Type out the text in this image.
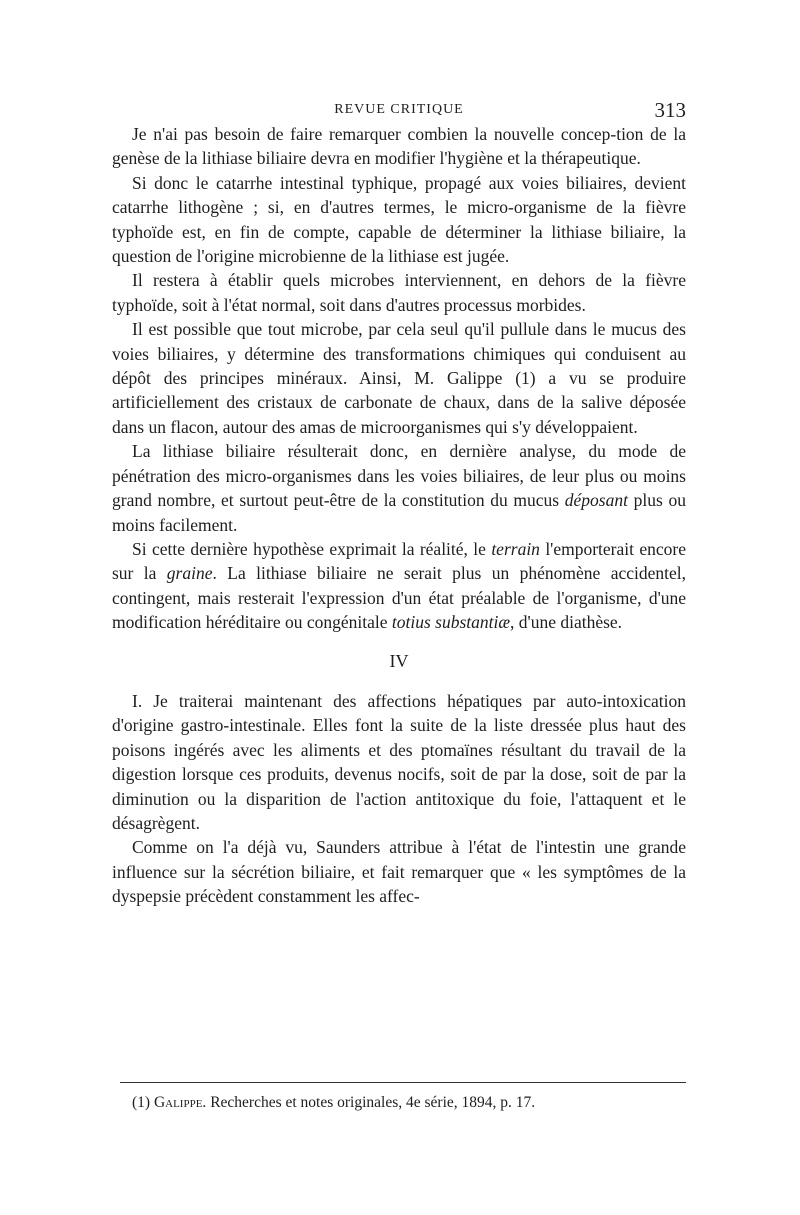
REVUE CRITIQUE	313

Je n'ai pas besoin de faire remarquer combien la nouvelle concep-tion de la genèse de la lithiase biliaire devra en modifier l'hygiène et la thérapeutique.

Si donc le catarrhe intestinal typhique, propagé aux voies biliaires, devient catarrhe lithogène ; si, en d'autres termes, le micro-organisme de la fièvre typhoïde est, en fin de compte, capable de déterminer la lithiase biliaire, la question de l'origine microbienne de la lithiase est jugée.

Il restera à établir quels microbes interviennent, en dehors de la fièvre typhoïde, soit à l'état normal, soit dans d'autres processus morbides.

Il est possible que tout microbe, par cela seul qu'il pullule dans le mucus des voies biliaires, y détermine des transformations chimiques qui conduisent au dépôt des principes minéraux. Ainsi, M. Galippe (1) a vu se produire artificiellement des cristaux de carbonate de chaux, dans de la salive déposée dans un flacon, autour des amas de microorganismes qui s'y développaient.

La lithiase biliaire résulterait donc, en dernière analyse, du mode de pénétration des micro-organismes dans les voies biliaires, de leur plus ou moins grand nombre, et surtout peut-être de la constitution du mucus déposant plus ou moins facilement.

Si cette dernière hypothèse exprimait la réalité, le terrain l'emporterait encore sur la graine. La lithiase biliaire ne serait plus un phénomène accidentel, contingent, mais resterait l'expression d'un état préalable de l'organisme, d'une modification héréditaire ou congénitale totius substantiæ, d'une diathèse.

IV

I. Je traiterai maintenant des affections hépatiques par auto-intoxication d'origine gastro-intestinale. Elles font la suite de la liste dressée plus haut des poisons ingérés avec les aliments et des ptomaïnes résultant du travail de la digestion lorsque ces produits, devenus nocifs, soit de par la dose, soit de par la diminution ou la disparition de l'action antitoxique du foie, l'attaquent et le désagrègent.

Comme on l'a déjà vu, Saunders attribue à l'état de l'intestin une grande influence sur la sécrétion biliaire, et fait remarquer que « les symptômes de la dyspepsie précèdent constamment les affec-

(1) Galippe. Recherches et notes originales, 4e série, 1894, p. 17.
